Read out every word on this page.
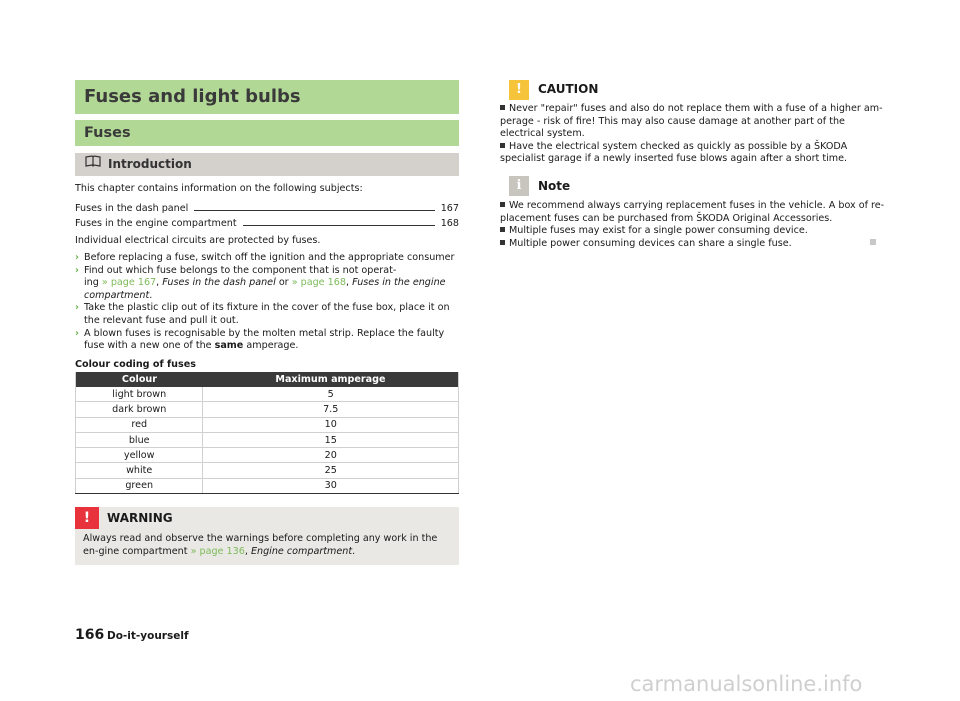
Fuses and light bulbs
Fuses
Introduction
This chapter contains information on the following subjects:
Fuses in the dash panel	167
Fuses in the engine compartment	168
Individual electrical circuits are protected by fuses.
› Before replacing a fuse, switch off the ignition and the appropriate consumer
› Find out which fuse belongs to the component that is not operat-
ing » page 167, Fuses in the dash panel or » page 168, Fuses in the engine compartment.
› Take the plastic clip out of its fixture in the cover of the fuse box, place it on the relevant fuse and pull it out.
› A blown fuses is recognisable by the molten metal strip. Replace the faulty fuse with a new one of the same amperage.
Colour coding of fuses
Colour	Maximum amperage
light brown	5
dark brown	7.5
red	10
blue	15
yellow	20
white	25
green	30
!	WARNING
Always read and observe the warnings before completing any work in the en-gine compartment » page 136, Engine compartment.
!	CAUTION
Never "repair" fuses and also do not replace them with a fuse of a higher am-perage - risk of fire! This may also cause damage at another part of the electrical system.
Have the electrical system checked as quickly as possible by a ŠKODA specialist garage if a newly inserted fuse blows again after a short time.
i	Note
We recommend always carrying replacement fuses in the vehicle. A box of re-placement fuses can be purchased from ŠKODA Original Accessories.
Multiple fuses may exist for a single power consuming device.
Multiple power consuming devices can share a single fuse.
166 Do-it-yourself
carmanualsonline.info
